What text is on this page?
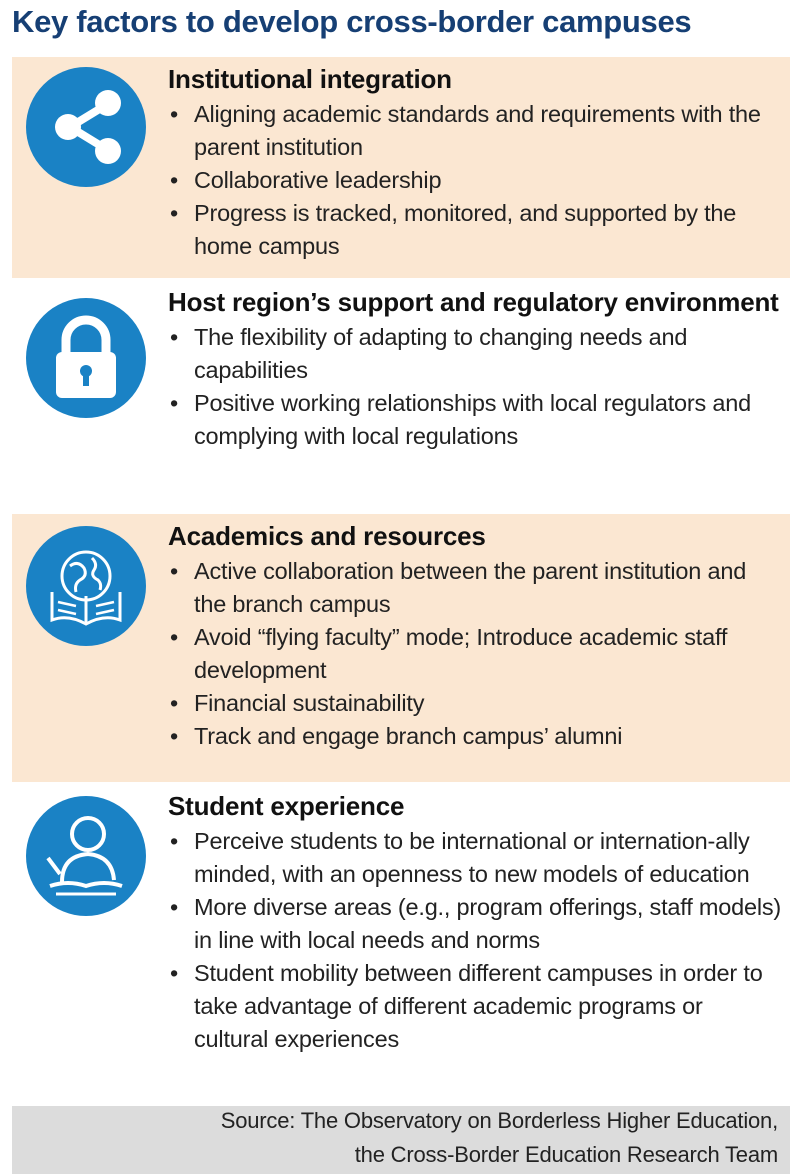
Key factors to develop cross-border campuses
Institutional integration
• Aligning academic standards and requirements with the parent institution
• Collaborative leadership
• Progress is tracked, monitored, and supported by the home campus
Host region’s support and regulatory environment
• The flexibility of adapting to changing needs and capabilities
• Positive working relationships with local regulators and complying with local regulations
Academics and resources
• Active collaboration between the parent institution and the branch campus
• Avoid “flying faculty” mode; Introduce academic staff development
• Financial sustainability
• Track and engage branch campus’ alumni
Student experience
• Perceive students to be international or internation-ally minded, with an openness to new models of education
• More diverse areas (e.g., program offerings, staff models) in line with local needs and norms
• Student mobility between different campuses in order to take advantage of different academic programs or cultural experiences
Source: The Observatory on Borderless Higher Education,
the Cross-Border Education Research Team
